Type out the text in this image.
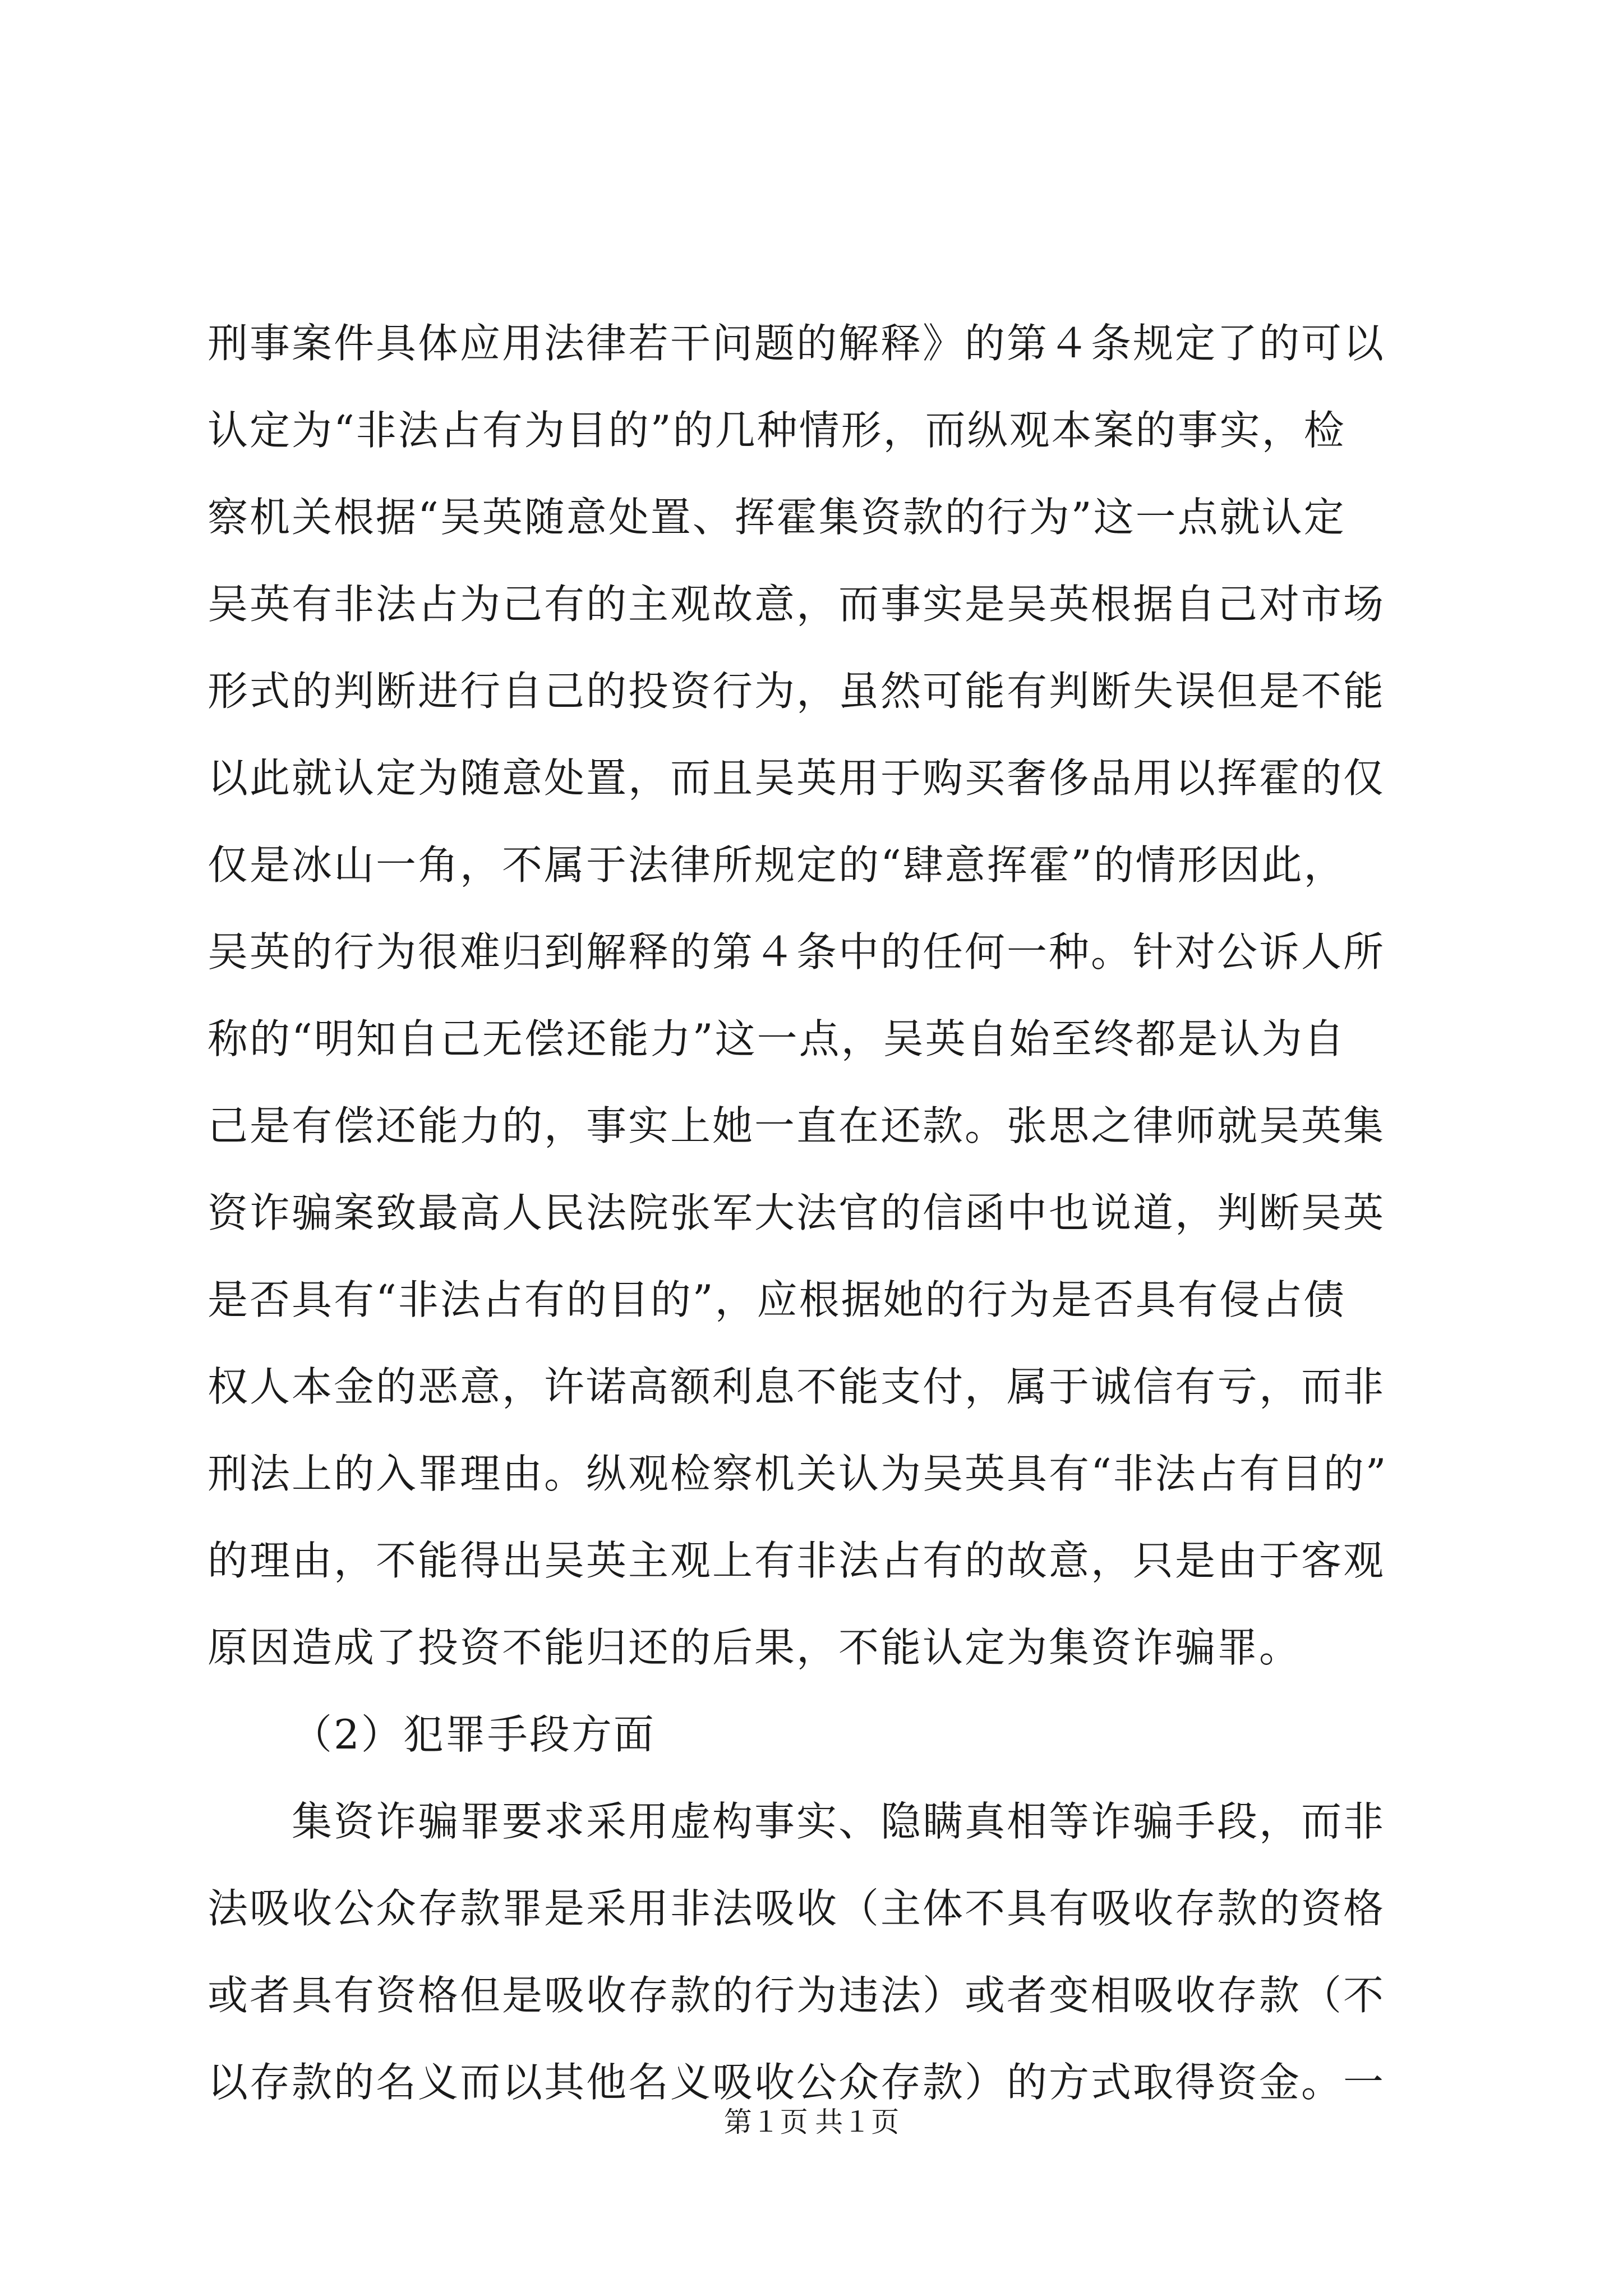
刑事案件具体应用法律若干问题的解释》的第４条规定了的可以
认定为“非法占有为目的”的几种情形，而纵观本案的事实，检
察机关根据“吴英随意处置、挥霍集资款的行为”这一点就认定
吴英有非法占为己有的主观故意，而事实是吴英根据自己对市场
形式的判断进行自己的投资行为，虽然可能有判断失误但是不能
以此就认定为随意处置，而且吴英用于购买奢侈品用以挥霍的仅
仅是冰山一角，不属于法律所规定的“肆意挥霍”的情形因此，
吴英的行为很难归到解释的第４条中的任何一种。针对公诉人所
称的“明知自己无偿还能力”这一点，吴英自始至终都是认为自
己是有偿还能力的，事实上她一直在还款。张思之律师就吴英集
资诈骗案致最高人民法院张军大法官的信函中也说道，判断吴英
是否具有“非法占有的目的”，应根据她的行为是否具有侵占债
权人本金的恶意，许诺高额利息不能支付，属于诚信有亏，而非
刑法上的入罪理由。纵观检察机关认为吴英具有“非法占有目的”
的理由，不能得出吴英主观上有非法占有的故意，只是由于客观
原因造成了投资不能归还的后果，不能认定为集资诈骗罪。
（2）犯罪手段方面
集资诈骗罪要求采用虚构事实、隐瞒真相等诈骗手段，而非
法吸收公众存款罪是采用非法吸收（主体不具有吸收存款的资格
或者具有资格但是吸收存款的行为违法）或者变相吸收存款（不
以存款的名义而以其他名义吸收公众存款）的方式取得资金。一
第１页 共１页
